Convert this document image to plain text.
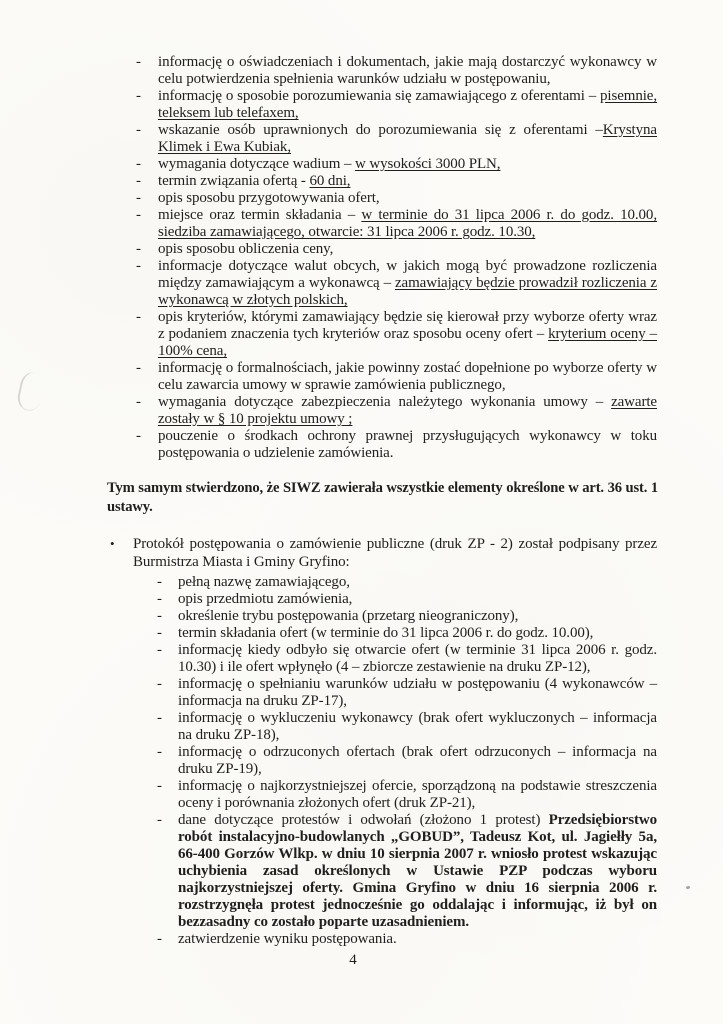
-	informację o oświadczeniach i dokumentach, jakie mają dostarczyć wykonawcy w celu potwierdzenia spełnienia warunków udziału w postępowaniu,
-	informację o sposobie porozumiewania się zamawiającego z oferentami – pisemnie, teleksem lub telefaxem,
-	wskazanie osób uprawnionych do porozumiewania się z oferentami –Krystyna Klimek i Ewa Kubiak,
-	wymagania dotyczące wadium – w wysokości 3000 PLN,
-	termin związania ofertą - 60 dni,
-	opis sposobu przygotowywania ofert,
-	miejsce oraz termin składania – w terminie do 31 lipca 2006 r. do godz. 10.00, siedziba zamawiającego, otwarcie: 31 lipca 2006 r. godz. 10.30,
-	opis sposobu obliczenia ceny,
-	informacje dotyczące walut obcych, w jakich mogą być prowadzone rozliczenia między zamawiającym a wykonawcą – zamawiający będzie prowadził rozliczenia z wykonawcą w złotych polskich,
-	opis kryteriów, którymi zamawiający będzie się kierował przy wyborze oferty wraz z podaniem znaczenia tych kryteriów oraz sposobu oceny ofert – kryterium oceny – 100% cena,
-	informację o formalnościach, jakie powinny zostać dopełnione po wyborze oferty w celu zawarcia umowy w sprawie zamówienia publicznego,
-	wymagania dotyczące zabezpieczenia należytego wykonania umowy – zawarte zostały w § 10 projektu umowy ;
-	pouczenie o środkach ochrony prawnej przysługujących wykonawcy w toku postępowania o udzielenie zamówienia.

Tym samym stwierdzono, że SIWZ zawierała wszystkie elementy określone w art. 36 ust. 1 ustawy.

•	Protokół postępowania o zamówienie publiczne (druk ZP - 2) został podpisany przez Burmistrza Miasta i Gminy Gryfino:
-	pełną nazwę zamawiającego,
-	opis przedmiotu zamówienia,
-	określenie trybu postępowania (przetarg nieograniczony),
-	termin składania ofert (w terminie do 31 lipca 2006 r. do godz. 10.00),
-	informację kiedy odbyło się otwarcie ofert (w terminie 31 lipca 2006 r. godz. 10.30) i ile ofert wpłynęło (4 – zbiorcze zestawienie na druku ZP-12),
-	informację o spełnianiu warunków udziału w postępowaniu (4 wykonawców – informacja na druku ZP-17),
-	informację o wykluczeniu wykonawcy (brak ofert wykluczonych – informacja na druku ZP-18),
-	informację o odrzuconych ofertach (brak ofert odrzuconych – informacja na druku ZP-19),
-	informację o najkorzystniejszej ofercie, sporządzoną na podstawie streszczenia oceny i porównania złożonych ofert (druk ZP-21),
-	dane dotyczące protestów i odwołań (złożono 1 protest) Przedsiębiorstwo robót instalacyjno-budowlanych „GOBUD”, Tadeusz Kot, ul. Jagiełły 5a, 66-400 Gorzów Wlkp. w dniu 10 sierpnia 2007 r. wniosło protest wskazując uchybienia zasad określonych w Ustawie PZP podczas wyboru najkorzystniejszej oferty. Gmina Gryfino w dniu 16 sierpnia 2006 r. rozstrzygnęła protest jednocześnie go oddalając i informując, iż był on bezzasadny co zostało poparte uzasadnieniem.
-	zatwierdzenie wyniku postępowania.
4
